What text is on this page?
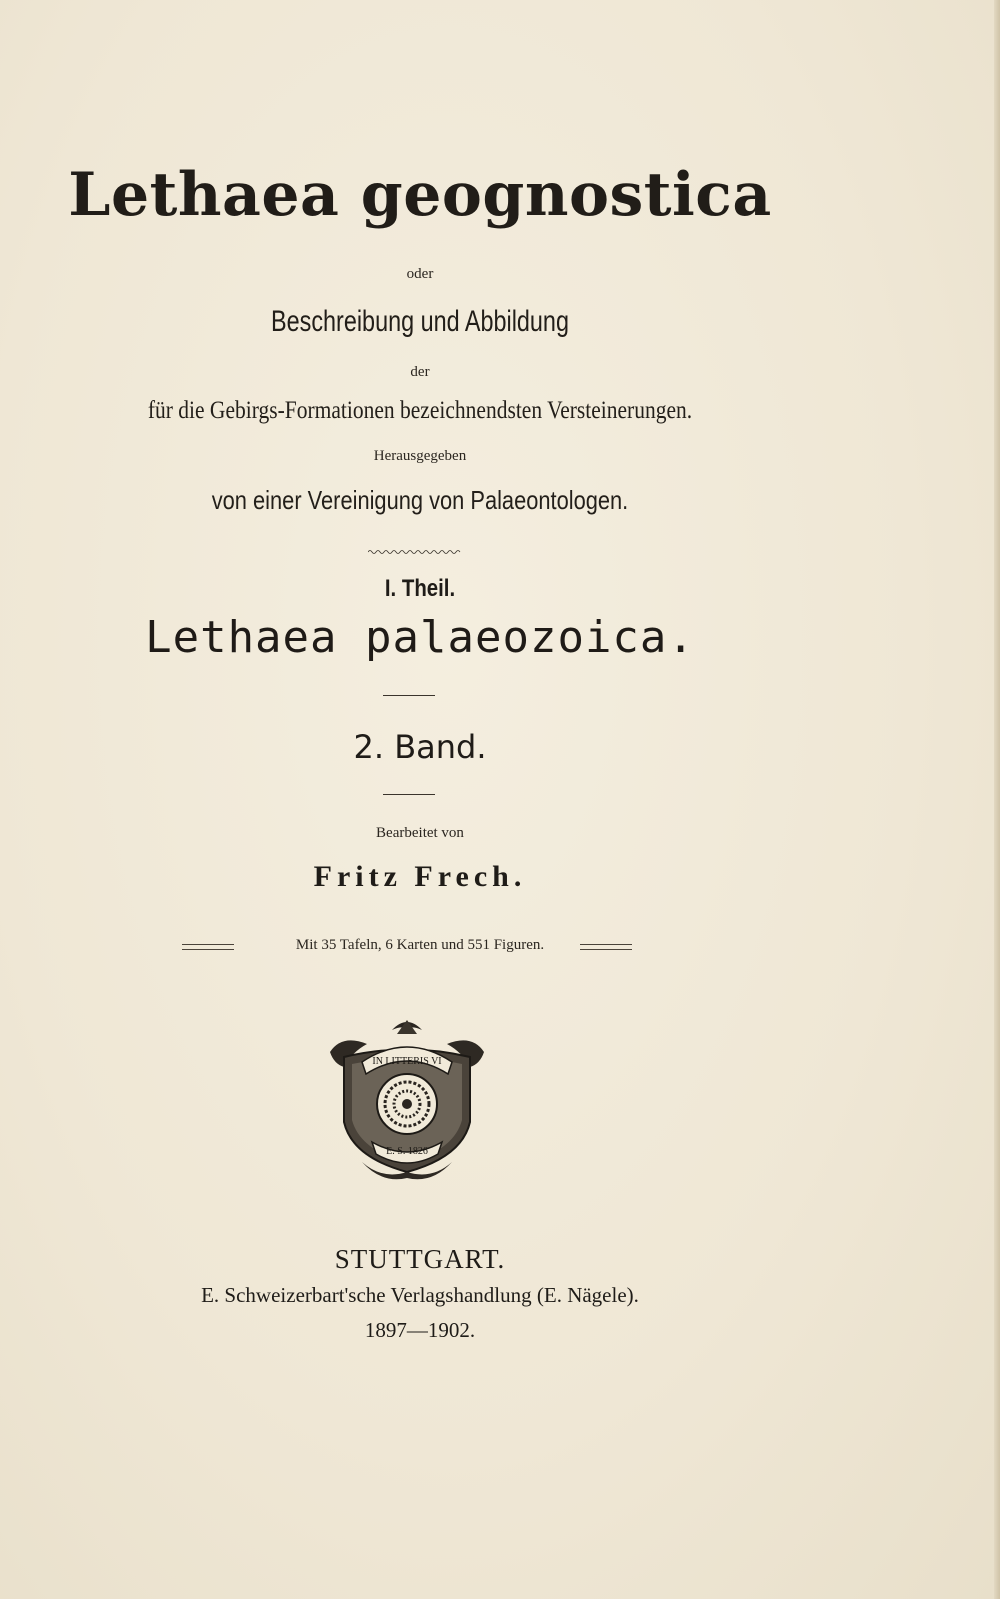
Lethaea geognostica
oder
Beschreibung und Abbildung
der
für die Gebirgs-Formationen bezeichnendsten Versteinerungen.
Herausgegeben
von einer Vereinigung von Palaeontologen.
I. Theil.
Lethaea palaeozoica.
2. Band.
Bearbeitet von
Fritz Frech.
Mit 35 Tafeln, 6 Karten und 551 Figuren.
IN LITTERIS VI
E. S. 1826
STUTTGART.
E. Schweizerbart'sche Verlagshandlung (E. Nägele).
1897—1902.
